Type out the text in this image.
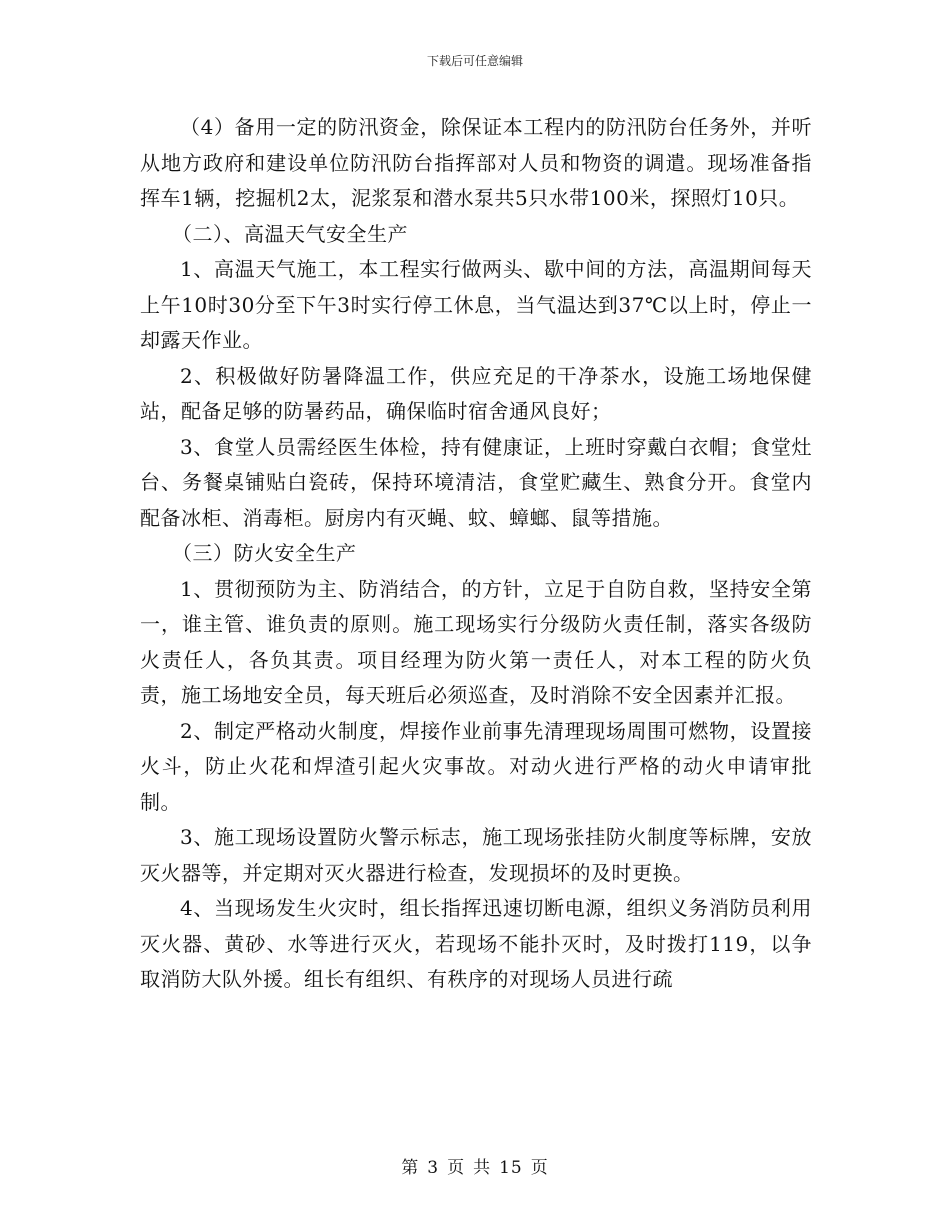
下载后可任意编辑

（4）备用一定的防汛资金，除保证本工程内的防汛防台任务外，并听从地方政府和建设单位防汛防台指挥部对人员和物资的调遣。现场准备指挥车1辆，挖掘机2太，泥浆泵和潜水泵共5只水带100米，探照灯10只。

（二）、高温天气安全生产

1、高温天气施工，本工程实行做两头、歇中间的方法，高温期间每天上午10时30分至下午3时实行停工休息，当气温达到37℃以上时，停止一却露天作业。

2、积极做好防暑降温工作，供应充足的干净茶水，设施工场地保健站，配备足够的防暑药品，确保临时宿舍通风良好；

3、食堂人员需经医生体检，持有健康证，上班时穿戴白衣帽；食堂灶台、务餐桌铺贴白瓷砖，保持环境清洁，食堂贮藏生、熟食分开。食堂内配备冰柜、消毒柜。厨房内有灭蝇、蚊、蟑螂、鼠等措施。

（三）防火安全生产

1、贯彻预防为主、防消结合，的方针，立足于自防自救，坚持安全第一，谁主管、谁负责的原则。施工现场实行分级防火责任制，落实各级防火责任人，各负其责。项目经理为防火第一责任人，对本工程的防火负责，施工场地安全员，每天班后必须巡查，及时消除不安全因素并汇报。

2、制定严格动火制度，焊接作业前事先清理现场周围可燃物，设置接火斗，防止火花和焊渣引起火灾事故。对动火进行严格的动火申请审批制。

3、施工现场设置防火警示标志，施工现场张挂防火制度等标牌，安放灭火器等，并定期对灭火器进行检查，发现损坏的及时更换。

4、当现场发生火灾时，组长指挥迅速切断电源，组织义务消防员利用灭火器、黄砂、水等进行灭火，若现场不能扑灭时，及时拨打119，以争取消防大队外援。组长有组织、有秩序的对现场人员进行疏

第 3 页 共 15 页
